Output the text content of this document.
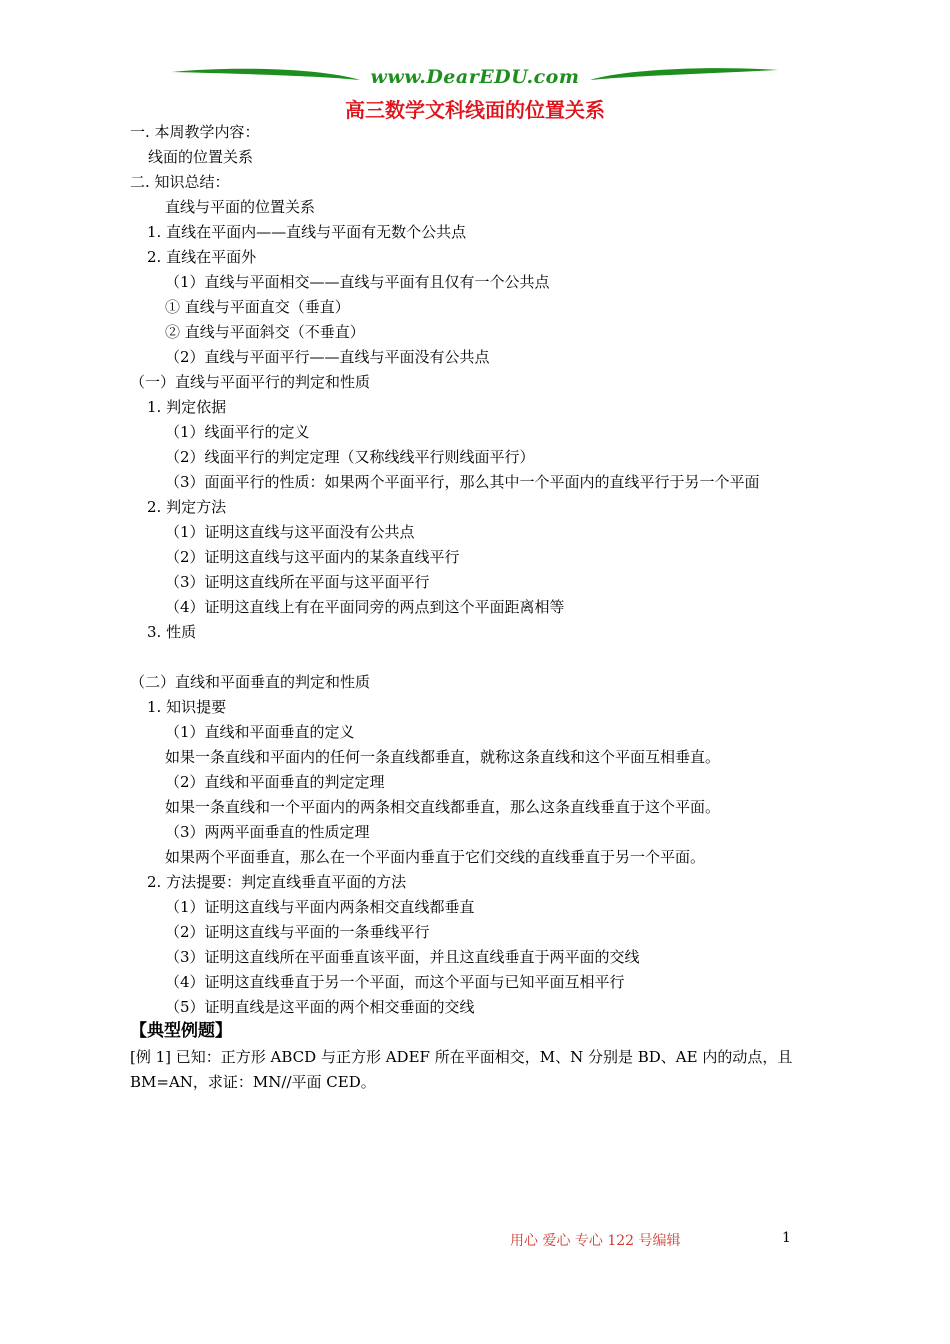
www.DearEDU.com
高三数学文科线面的位置关系
一. 本周教学内容：
线面的位置关系
二. 知识总结：
直线与平面的位置关系
1. 直线在平面内——直线与平面有无数个公共点
2. 直线在平面外
（1）直线与平面相交——直线与平面有且仅有一个公共点
① 直线与平面直交（垂直）
② 直线与平面斜交（不垂直）
（2）直线与平面平行——直线与平面没有公共点
（一）直线与平面平行的判定和性质
1. 判定依据
（1）线面平行的定义
（2）线面平行的判定定理（又称线线平行则线面平行）
（3）面面平行的性质：如果两个平面平行，那么其中一个平面内的直线平行于另一个平面
2. 判定方法
（1）证明这直线与这平面没有公共点
（2）证明这直线与这平面内的某条直线平行
（3）证明这直线所在平面与这平面平行
（4）证明这直线上有在平面同旁的两点到这个平面距离相等
3. 性质
（二）直线和平面垂直的判定和性质
1. 知识提要
（1）直线和平面垂直的定义
如果一条直线和平面内的任何一条直线都垂直，就称这条直线和这个平面互相垂直。
（2）直线和平面垂直的判定定理
如果一条直线和一个平面内的两条相交直线都垂直，那么这条直线垂直于这个平面。
（3）两两平面垂直的性质定理
如果两个平面垂直，那么在一个平面内垂直于它们交线的直线垂直于另一个平面。
2. 方法提要：判定直线垂直平面的方法
（1）证明这直线与平面内两条相交直线都垂直
（2）证明这直线与平面的一条垂线平行
（3）证明这直线所在平面垂直该平面，并且这直线垂直于两平面的交线
（4）证明这直线垂直于另一个平面，而这个平面与已知平面互相平行
（5）证明直线是这平面的两个相交垂面的交线
【典型例题】
[例 1] 已知：正方形 ABCD 与正方形 ADEF 所在平面相交，M、N 分别是 BD、AE 内的动点，且
BM=AN，求证：MN//平面 CED。
用心 爱心 专心 122 号编辑	1
